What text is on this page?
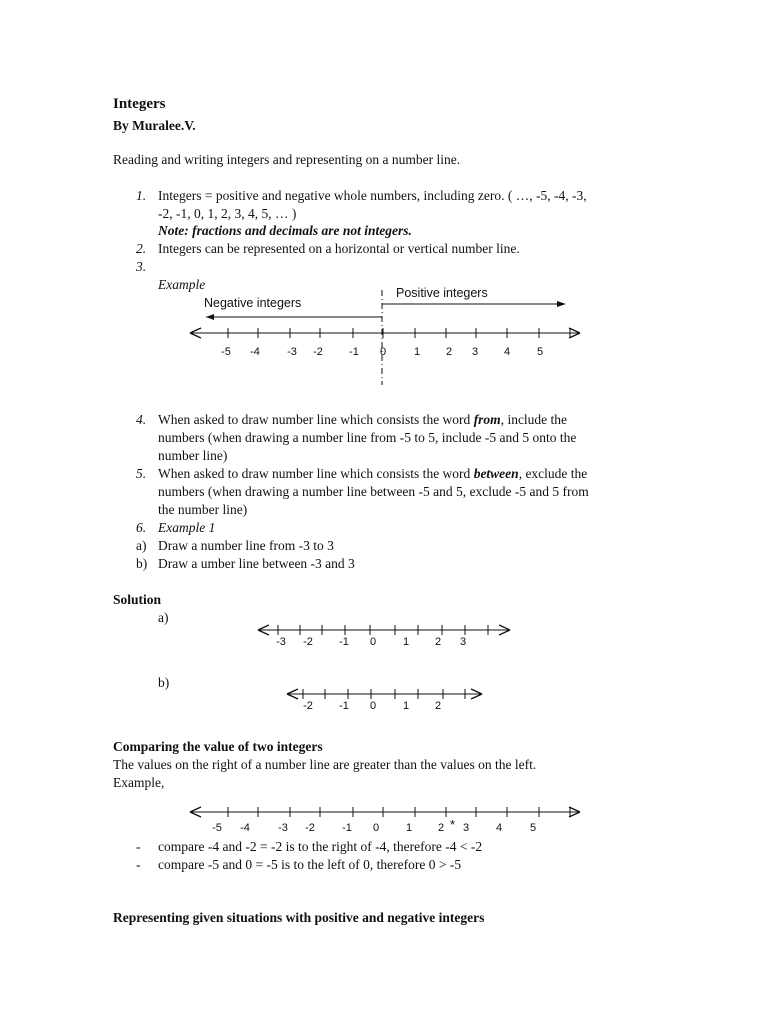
Integers
By Muralee.V.
Reading and writing integers and representing on a number line.
1. Integers = positive and negative whole numbers, including zero. ( …, -5, -4, -3,
-2, -1, 0, 1, 2, 3, 4, 5, … )
Note: fractions and decimals are not integers.
2. Integers can be represented on a horizontal or vertical number line.
3.
Example
Negative integers
Positive integers
-5 -4 -3 -2 -1 0	1 2 3 4 5
-3 -2 -1 0 1 2 3
-2 -1 0 1 2
-5 -4	-3 -2 -1 0 1 2 3 4	5
*
4. When asked to draw number line which consists the word from, include the
numbers (when drawing a number line from -5 to 5, include -5 and 5 onto the
number line)
5. When asked to draw number line which consists the word between, exclude the
numbers (when drawing a number line between -5 and 5, exclude -5 and 5 from
the number line)
6. Example 1
a) Draw a number line from -3 to 3
b) Draw a umber line between -3 and 3
Solution
a)
b)
Comparing the value of two integers
The values on the right of a number line are greater than the values on the left.
Example,
- compare -4 and -2 = -2 is to the right of -4, therefore -4 < -2
- compare -5 and 0 = -5 is to the left of 0, therefore 0 > -5
Representing given situations with positive and negative integers
